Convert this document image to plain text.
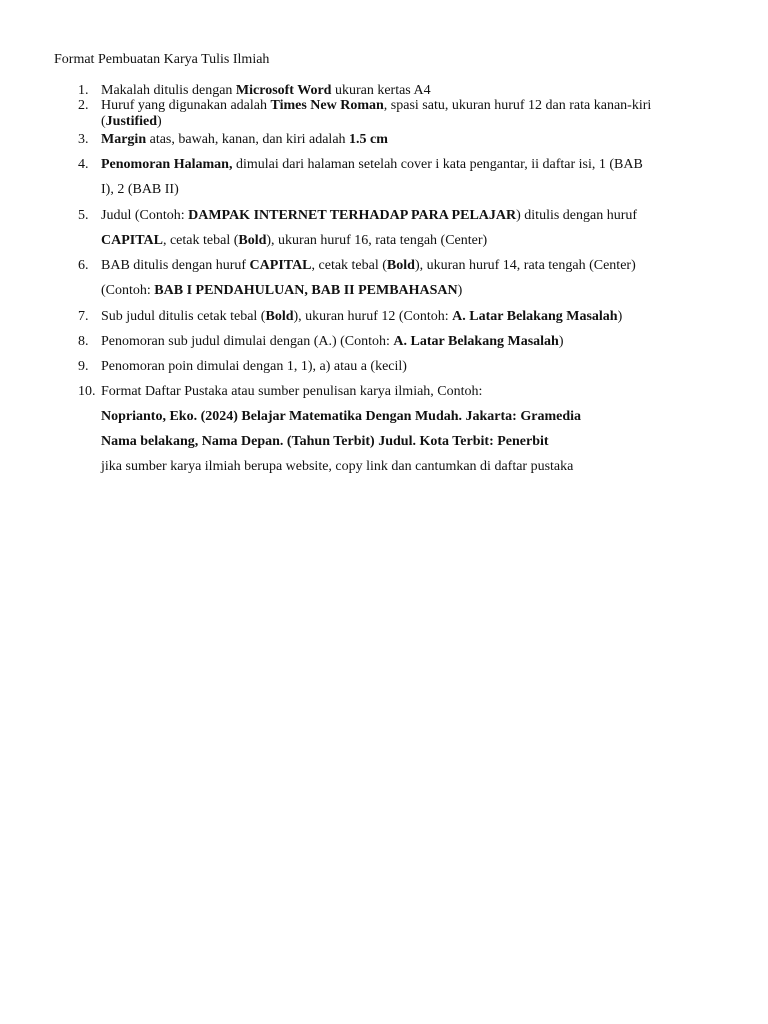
Format Pembuatan Karya Tulis Ilmiah
1. Makalah ditulis dengan Microsoft Word ukuran kertas A4
2. Huruf yang digunakan adalah Times New Roman, spasi satu, ukuran huruf 12 dan rata kanan-kiri
(Justified)
3. Margin atas, bawah, kanan, dan kiri adalah 1.5 cm
4. Penomoran Halaman, dimulai dari halaman setelah cover i kata pengantar, ii daftar isi, 1 (BAB
I), 2 (BAB II)
5. Judul (Contoh: DAMPAK INTERNET TERHADAP PARA PELAJAR) ditulis dengan huruf
CAPITAL, cetak tebal (Bold), ukuran huruf 16, rata tengah (Center)
6. BAB ditulis dengan huruf CAPITAL, cetak tebal (Bold), ukuran huruf 14, rata tengah (Center)
(Contoh: BAB I PENDAHULUAN, BAB II PEMBAHASAN)
7. Sub judul ditulis cetak tebal (Bold), ukuran huruf 12 (Contoh: A. Latar Belakang Masalah)
8. Penomoran sub judul dimulai dengan (A.) (Contoh: A. Latar Belakang Masalah)
9. Penomoran poin dimulai dengan 1, 1), a) atau a (kecil)
10. Format Daftar Pustaka atau sumber penulisan karya ilmiah, Contoh:
Noprianto, Eko. (2024) Belajar Matematika Dengan Mudah. Jakarta: Gramedia
Nama belakang, Nama Depan. (Tahun Terbit) Judul. Kota Terbit: Penerbit
jika sumber karya ilmiah berupa website, copy link dan cantumkan di daftar pustaka
